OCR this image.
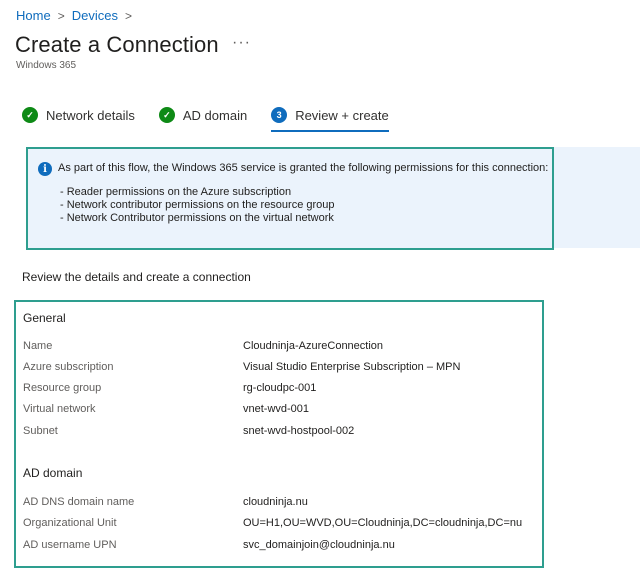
Home > Devices >
Create a Connection ···
Windows 365
✓ Network details	✓ AD domain	3	Review + create
i	As part of this flow, the Windows 365 service is granted the following permissions for this connection:
- Reader permissions on the Azure subscription
- Network contributor permissions on the resource group
- Network Contributor permissions on the virtual network
Review the details and create a connection
General
Name	Cloudninja-AzureConnection
Azure subscription	Visual Studio Enterprise Subscription – MPN
Resource group	rg-cloudpc-001
Virtual network	vnet-wvd-001
Subnet	snet-wvd-hostpool-002
AD domain
AD DNS domain name	cloudninja.nu
Organizational Unit	OU=H1,OU=WVD,OU=Cloudninja,DC=cloudninja,DC=nu
AD username UPN	svc_domainjoin@cloudninja.nu
